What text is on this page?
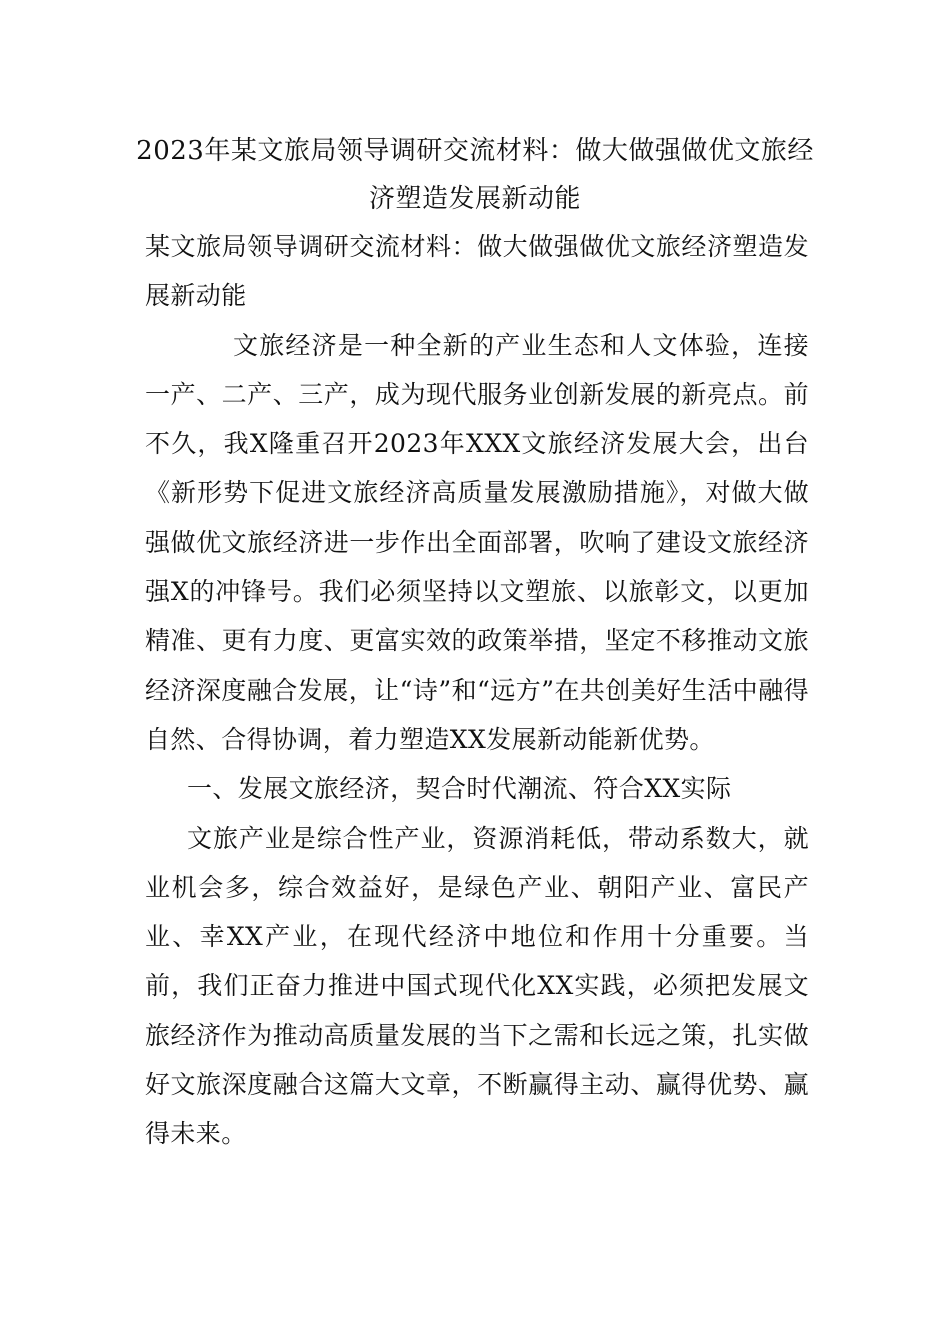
2023年某文旅局领导调研交流材料：做大做强做优文旅经济塑造发展新动能

某文旅局领导调研交流材料：做大做强做优文旅经济塑造发展新动能

文旅经济是一种全新的产业生态和人文体验，连接一产、二产、三产，成为现代服务业创新发展的新亮点。前不久，我X隆重召开2023年XXX文旅经济发展大会，出台《新形势下促进文旅经济高质量发展激励措施》，对做大做强做优文旅经济进一步作出全面部署，吹响了建设文旅经济强X的冲锋号。我们必须坚持以文塑旅、以旅彰文，以更加精准、更有力度、更富实效的政策举措，坚定不移推动文旅经济深度融合发展，让“诗”和“远方”在共创美好生活中融得自然、合得协调，着力塑造XX发展新动能新优势。

一、发展文旅经济，契合时代潮流、符合XX实际

文旅产业是综合性产业，资源消耗低，带动系数大，就业机会多，综合效益好，是绿色产业、朝阳产业、富民产业、幸XX产业，在现代经济中地位和作用十分重要。当前，我们正奋力推进中国式现代化XX实践，必须把发展文旅经济作为推动高质量发展的当下之需和长远之策，扎实做好文旅深度融合这篇大文章，不断赢得主动、赢得优势、赢得未来。
